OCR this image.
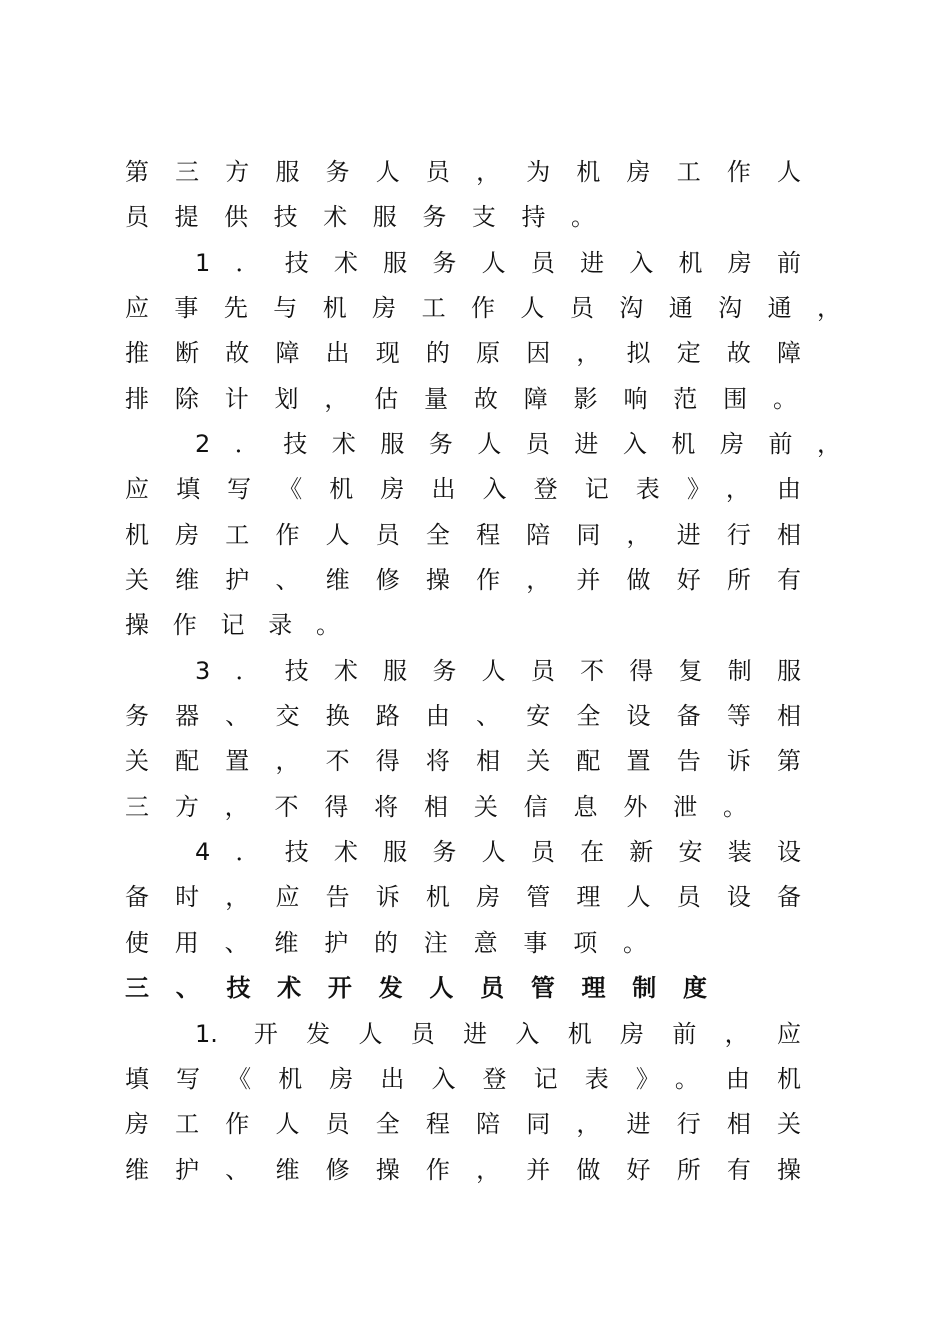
第三方服务人员，为机房工作人
员提供技术服务支持。
1．技术服务人员进入机房前
应事先与机房工作人员沟通沟通，
推断故障出现的原因，拟定故障
排除计划，估量故障影响范围。
2．技术服务人员进入机房前，
应填写《机房出入登记表》，由
机房工作人员全程陪同，进行相
关维护、维修操作，并做好所有
操作记录。
3．技术服务人员不得复制服
务器、交换路由、安全设备等相
关配置，不得将相关配置告诉第
三方，不得将相关信息外泄。
4．技术服务人员在新安装设
备时，应告诉机房管理人员设备
使用、维护的注意事项。
三、技术开发人员管理制度
1. 开发人员进入机房前，应
填写《机房出入登记表》。由机
房工作人员全程陪同，进行相关
维护、维修操作，并做好所有操
